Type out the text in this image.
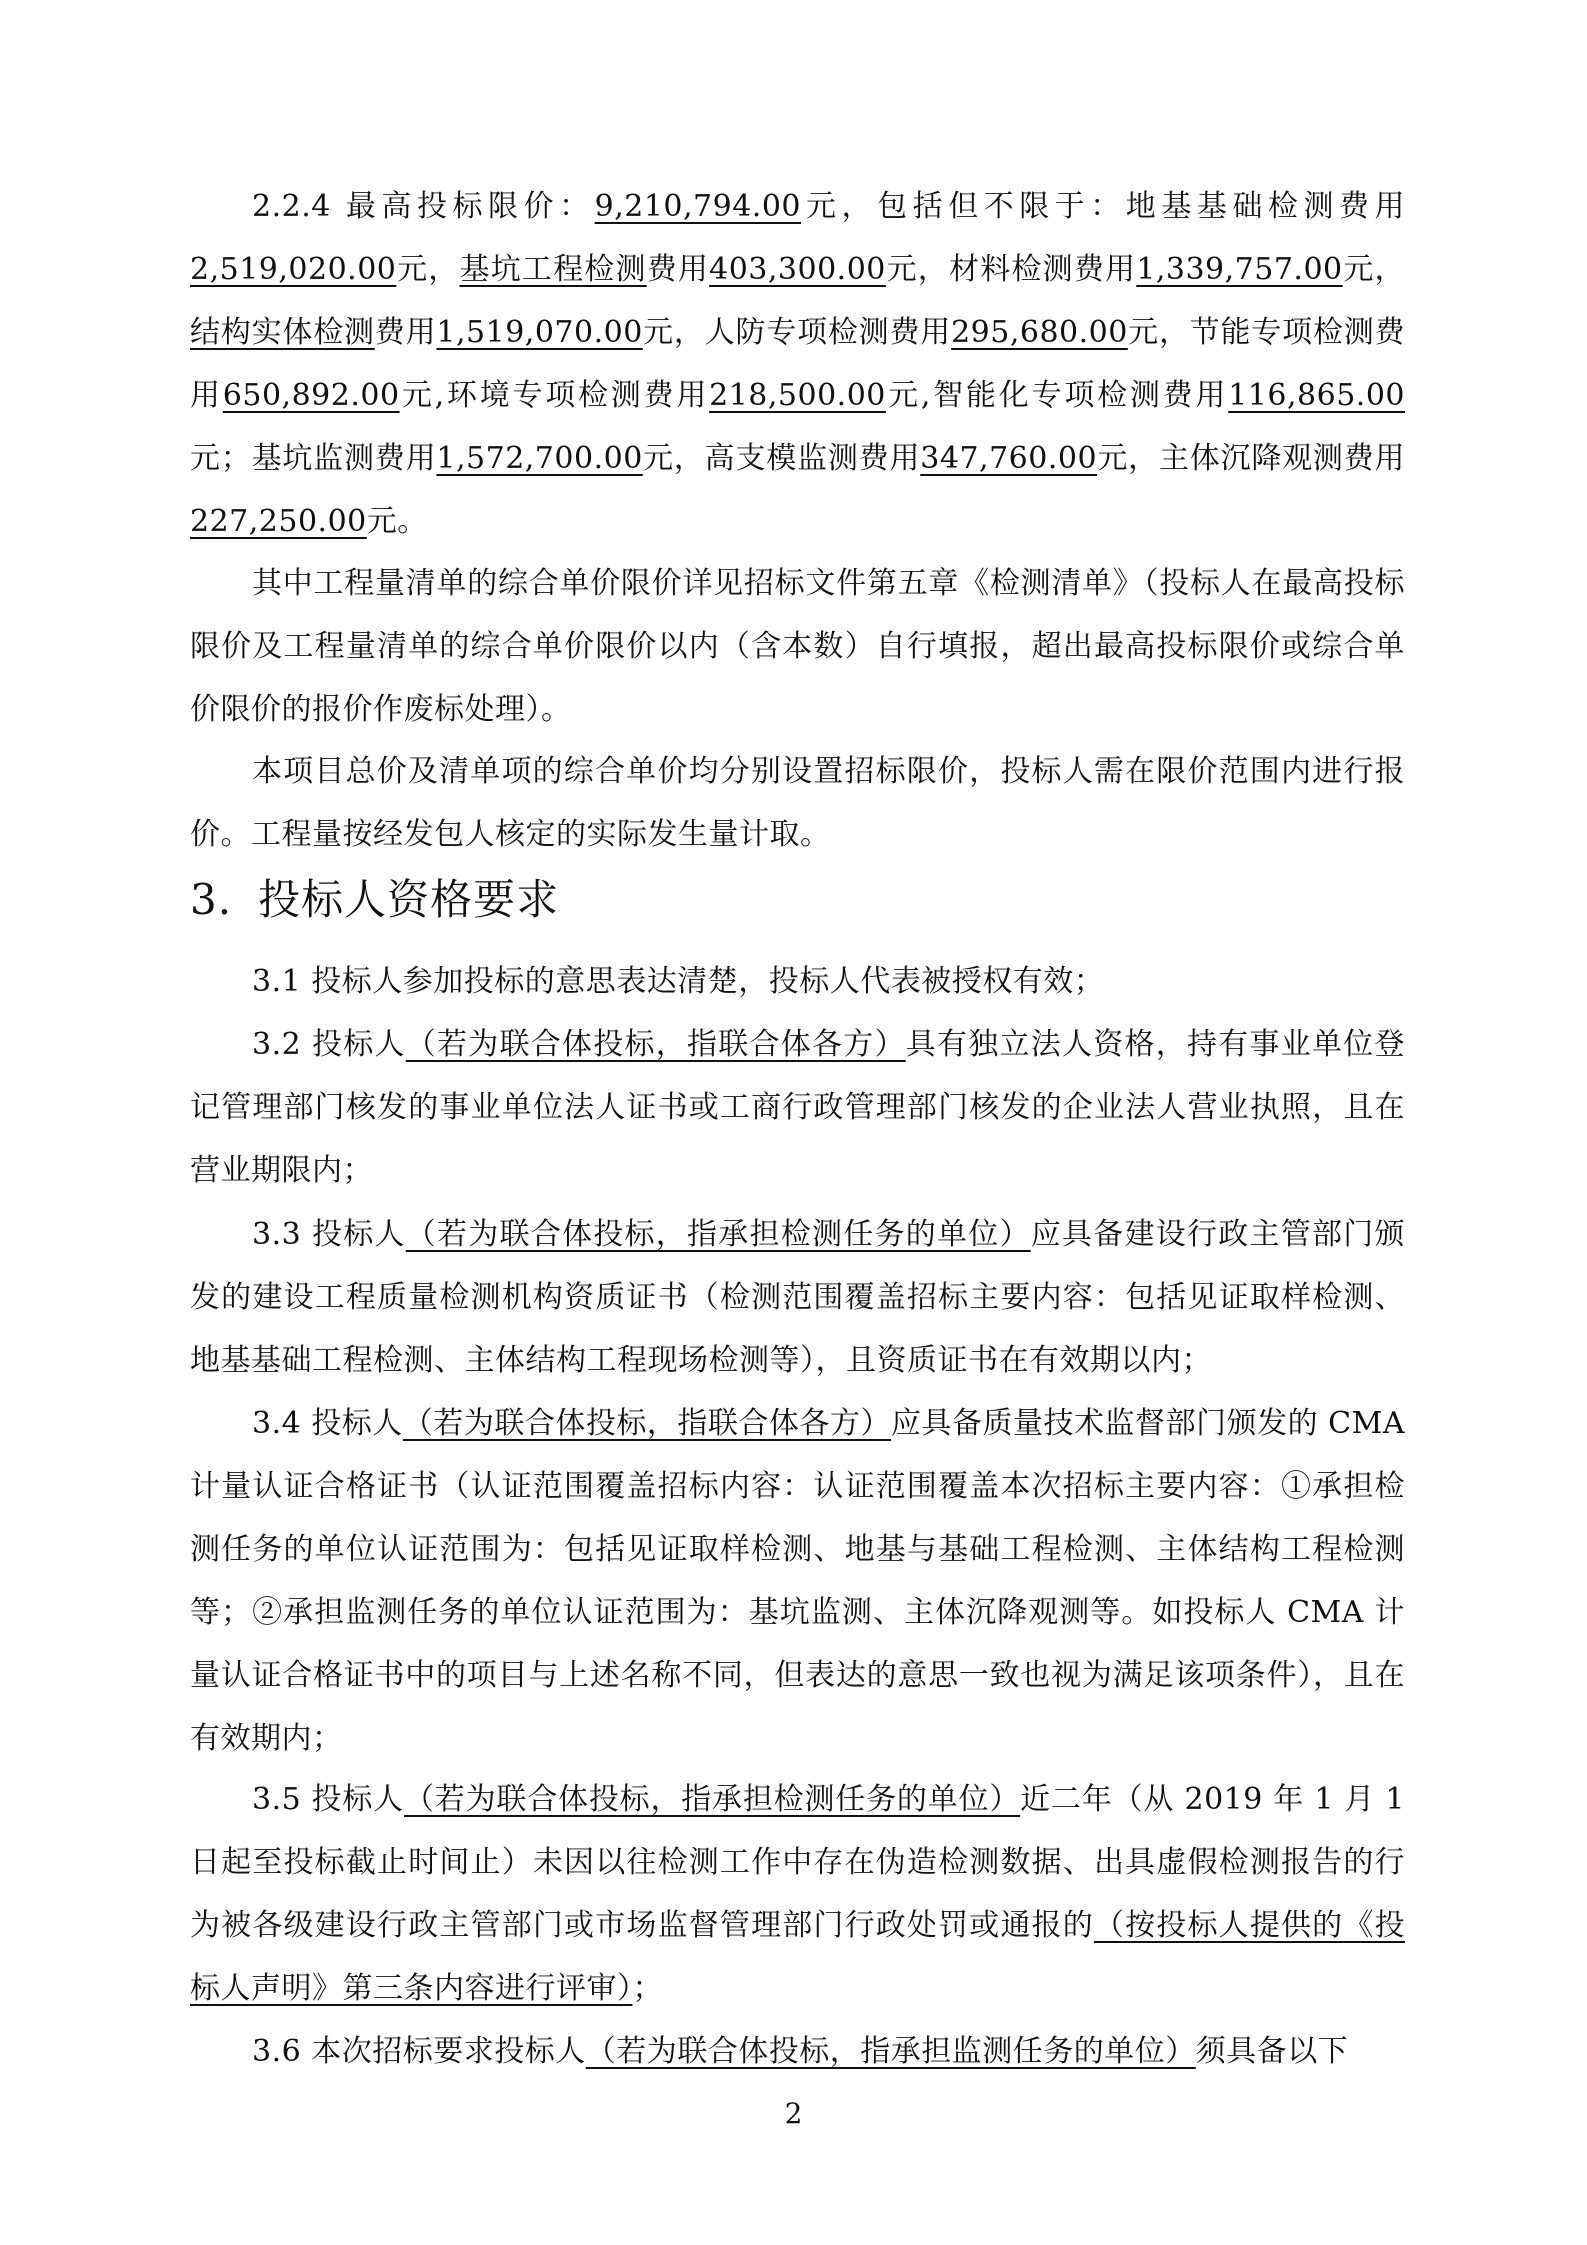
2.2.4 最高投标限价：9,210,794.00元，包括但不限于：地基基础检测费用2,519,020.00元，基坑工程检测费用403,300.00元，材料检测费用1,339,757.00元，结构实体检测费用1,519,070.00元，人防专项检测费用295,680.00元，节能专项检测费用650,892.00元,环境专项检测费用218,500.00元,智能化专项检测费用116,865.00元；基坑监测费用1,572,700.00元，高支模监测费用347,760.00元，主体沉降观测费用227,250.00元。

其中工程量清单的综合单价限价详见招标文件第五章《检测清单》（投标人在最高投标限价及工程量清单的综合单价限价以内（含本数）自行填报，超出最高投标限价或综合单价限价的报价作废标处理）。

本项目总价及清单项的综合单价均分别设置招标限价，投标人需在限价范围内进行报价。工程量按经发包人核定的实际发生量计取。

3. 投标人资格要求

3.1 投标人参加投标的意思表达清楚，投标人代表被授权有效；

3.2 投标人（若为联合体投标，指联合体各方）具有独立法人资格，持有事业单位登记管理部门核发的事业单位法人证书或工商行政管理部门核发的企业法人营业执照，且在营业期限内；

3.3 投标人（若为联合体投标，指承担检测任务的单位）应具备建设行政主管部门颁发的建设工程质量检测机构资质证书（检测范围覆盖招标主要内容：包括见证取样检测、地基基础工程检测、主体结构工程现场检测等），且资质证书在有效期以内；

3.4 投标人（若为联合体投标，指联合体各方）应具备质量技术监督部门颁发的 CMA 计量认证合格证书（认证范围覆盖招标内容：认证范围覆盖本次招标主要内容：①承担检测任务的单位认证范围为：包括见证取样检测、地基与基础工程检测、主体结构工程检测等；②承担监测任务的单位认证范围为：基坑监测、主体沉降观测等。如投标人 CMA 计量认证合格证书中的项目与上述名称不同，但表达的意思一致也视为满足该项条件），且在有效期内；

3.5 投标人（若为联合体投标，指承担检测任务的单位）近二年（从 2019 年 1 月 1 日起至投标截止时间止）未因以往检测工作中存在伪造检测数据、出具虚假检测报告的行为被各级建设行政主管部门或市场监督管理部门行政处罚或通报的（按投标人提供的《投标人声明》第三条内容进行评审）；

3.6 本次招标要求投标人（若为联合体投标，指承担监测任务的单位）须具备以下

2
